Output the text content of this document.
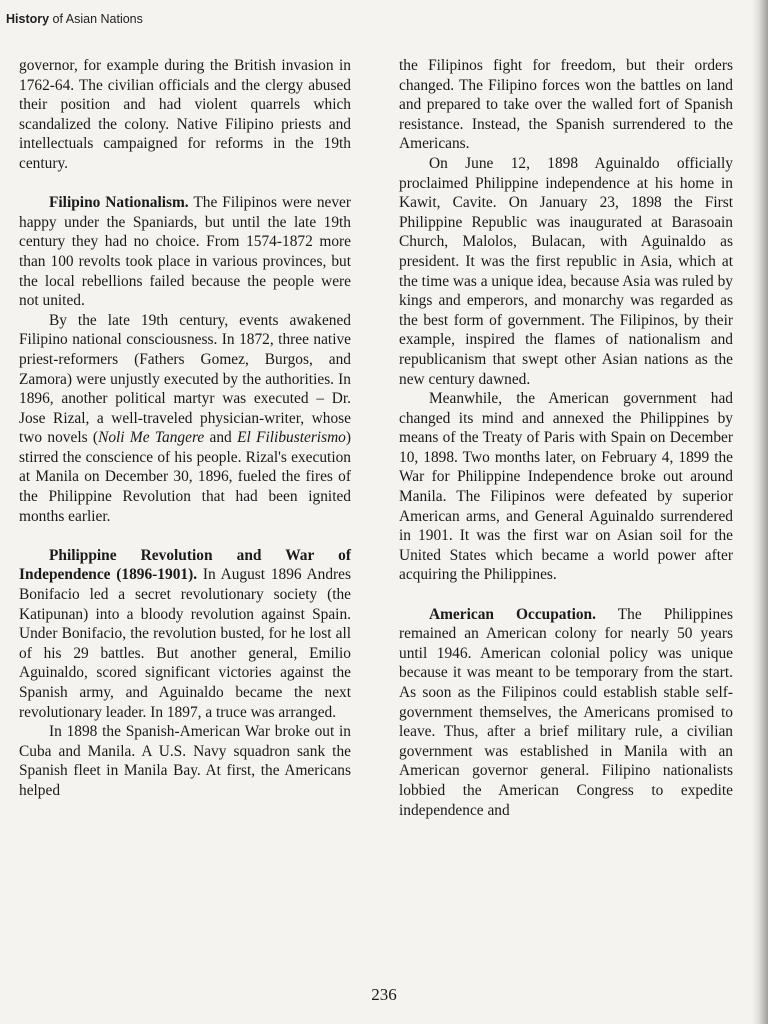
History of Asian Nations

governor, for example during the British invasion in 1762-64. The civilian officials and the clergy abused their position and had violent quarrels which scandalized the colony. Native Filipino priests and intellectuals campaigned for reforms in the 19th century.

Filipino Nationalism. The Filipinos were never happy under the Spaniards, but until the late 19th century they had no choice. From 1574-1872 more than 100 revolts took place in various provinces, but the local rebellions failed because the people were not united.

By the late 19th century, events awakened Filipino national consciousness. In 1872, three native priest-reformers (Fathers Gomez, Burgos, and Zamora) were unjustly executed by the authorities. In 1896, another political martyr was executed – Dr. Jose Rizal, a well-traveled physician-writer, whose two novels (Noli Me Tangere and El Filibusterismo) stirred the conscience of his people. Rizal's execution at Manila on December 30, 1896, fueled the fires of the Philippine Revolution that had been ignited months earlier.

Philippine Revolution and War of Independence (1896-1901). In August 1896 Andres Bonifacio led a secret revolutionary society (the Katipunan) into a bloody revolution against Spain. Under Bonifacio, the revolution busted, for he lost all of his 29 battles. But another general, Emilio Aguinaldo, scored significant victories against the Spanish army, and Aguinaldo became the next revolutionary leader. In 1897, a truce was arranged.

In 1898 the Spanish-American War broke out in Cuba and Manila. A U.S. Navy squadron sank the Spanish fleet in Manila Bay. At first, the Americans helped

the Filipinos fight for freedom, but their orders changed. The Filipino forces won the battles on land and prepared to take over the walled fort of Spanish resistance. Instead, the Spanish surrendered to the Americans.

On June 12, 1898 Aguinaldo officially proclaimed Philippine independence at his home in Kawit, Cavite. On January 23, 1898 the First Philippine Republic was inaugurated at Barasoain Church, Malolos, Bulacan, with Aguinaldo as president. It was the first republic in Asia, which at the time was a unique idea, because Asia was ruled by kings and emperors, and monarchy was regarded as the best form of government. The Filipinos, by their example, inspired the flames of nationalism and republicanism that swept other Asian nations as the new century dawned.

Meanwhile, the American government had changed its mind and annexed the Philippines by means of the Treaty of Paris with Spain on December 10, 1898. Two months later, on February 4, 1899 the War for Philippine Independence broke out around Manila. The Filipinos were defeated by superior American arms, and General Aguinaldo surrendered in 1901. It was the first war on Asian soil for the United States which became a world power after acquiring the Philippines.

American Occupation. The Philippines remained an American colony for nearly 50 years until 1946. American colonial policy was unique because it was meant to be temporary from the start. As soon as the Filipinos could establish stable self-government themselves, the Americans promised to leave. Thus, after a brief military rule, a civilian government was established in Manila with an American governor general. Filipino nationalists lobbied the American Congress to expedite independence and

236
